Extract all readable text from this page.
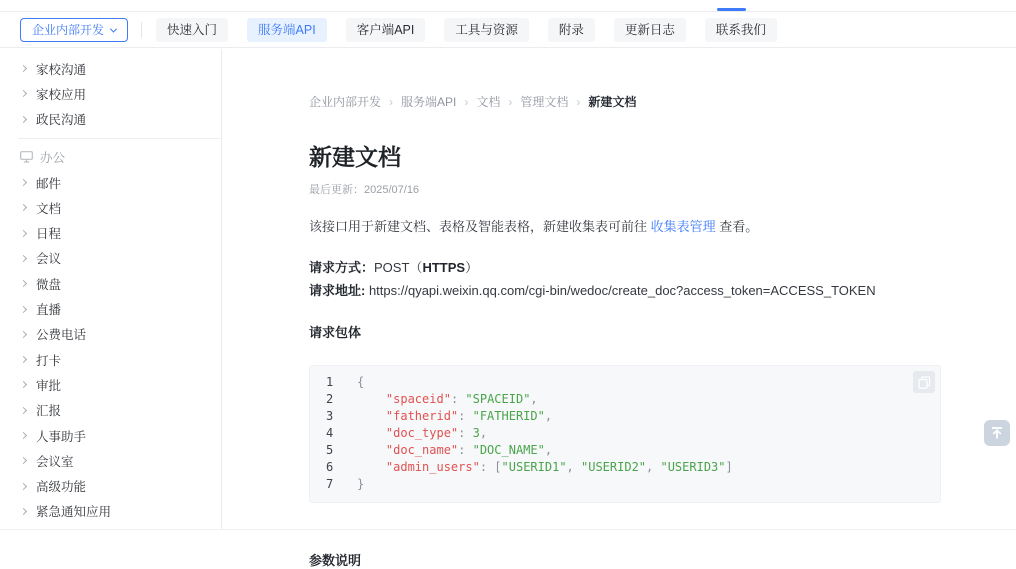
企业内部开发	快速入门	服务端API	客户端API	工具与资源	附录	更新日志	联系我们
家校沟通
家校应用
政民沟通
办公
邮件
文档
日程
会议
微盘
直播
公费电话
打卡
审批
汇报
人事助手
会议室
高级功能
紧急通知应用
企业内部开发 › 服务端API › 文档 › 管理文档 › 新建文档
新建文档
最后更新：2025/07/16
该接口用于新建文档、表格及智能表格，新建收集表可前往 收集表管理 查看。
请求方式：POST（HTTPS）
请求地址: https://qyapi.weixin.qq.com/cgi-bin/wedoc/create_doc?access_token=ACCESS_TOKEN
请求包体
1 {
2	"spaceid": "SPACEID",
3	"fatherid": "FATHERID",
4	"doc_type": 3,
5	"doc_name": "DOC_NAME",
6	"admin_users": ["USERID1", "USERID2", "USERID3"]
7 }
参数说明
